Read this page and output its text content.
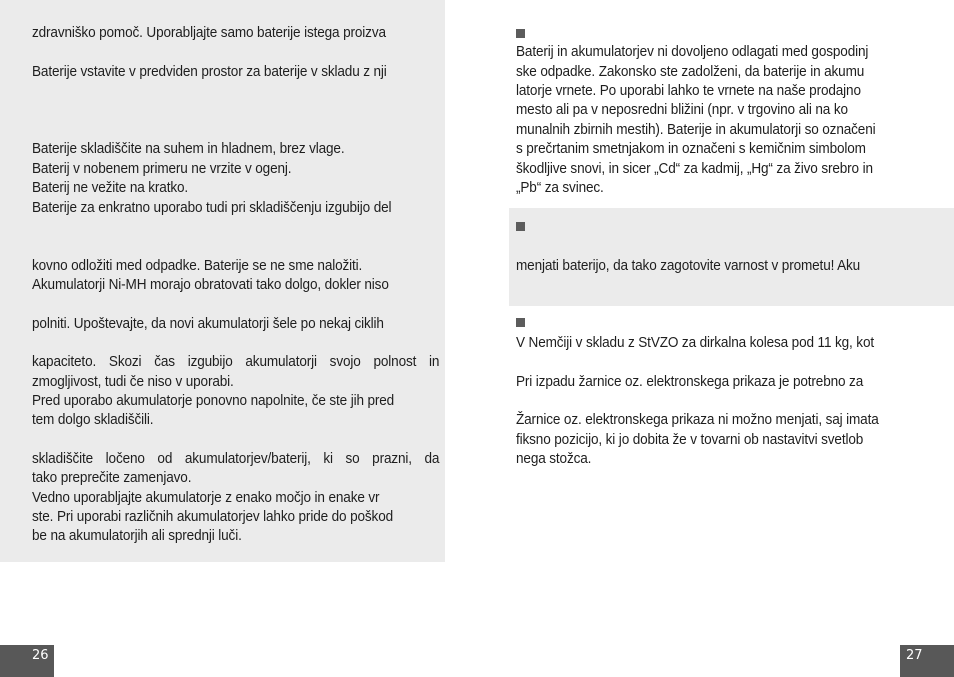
zdravniško pomoč. Uporabljajte samo baterije istega proizva
Baterije vstavite v predviden prostor za baterije v skladu z nji
Baterije skladiščite na suhem in hladnem, brez vlage.
Baterij v nobenem primeru ne vrzite v ogenj.
Baterij ne vežite na kratko.
Baterije za enkratno uporabo tudi pri skladiščenju izgubijo del
kovno odložiti med odpadke. Baterije se ne sme naložiti.
Akumulatorji Ni-MH morajo obratovati tako dolgo, dokler niso
polniti. Upoštevajte, da novi akumulatorji šele po nekaj ciklih
kapaciteto. Skozi čas izgubijo akumulatorji svojo polnost in
zmogljivost, tudi če niso v uporabi.
Pred uporabo akumulatorje ponovno napolnite, če ste jih pred
tem dolgo skladiščili.
skladiščite ločeno od akumulatorjev/baterij, ki so prazni, da
tako preprečite zamenjavo.
Vedno uporabljajte akumulatorje z enako močjo in enake vr
ste. Pri uporabi različnih akumulatorjev lahko pride do poškod
be na akumulatorjih ali sprednji luči.
Baterij in akumulatorjev ni dovoljeno odlagati med gospodinj
ske odpadke. Zakonsko ste zadolženi, da baterije in akumu
latorje vrnete. Po uporabi lahko te vrnete na naše prodajno
mesto ali pa v neposredni bližini (npr. v trgovino ali na ko
munalnih zbirnih mestih). Baterije in akumulatorji so označeni
s prečrtanim smetnjakom in označeni s kemičnim simbolom
škodljive snovi, in sicer „Cd“ za kadmij, „Hg“ za živo srebro in
„Pb“ za svinec.
menjati baterijo, da tako zagotovite varnost v prometu! Aku
V Nemčiji v skladu z StVZO za dirkalna kolesa pod 11 kg, kot
Pri izpadu žarnice oz. elektronskega prikaza je potrebno za
Žarnice oz. elektronskega prikaza ni možno menjati, saj imata
fiksno pozicijo, ki jo dobita že v tovarni ob nastavitvi svetlob
nega stožca.
26	27
